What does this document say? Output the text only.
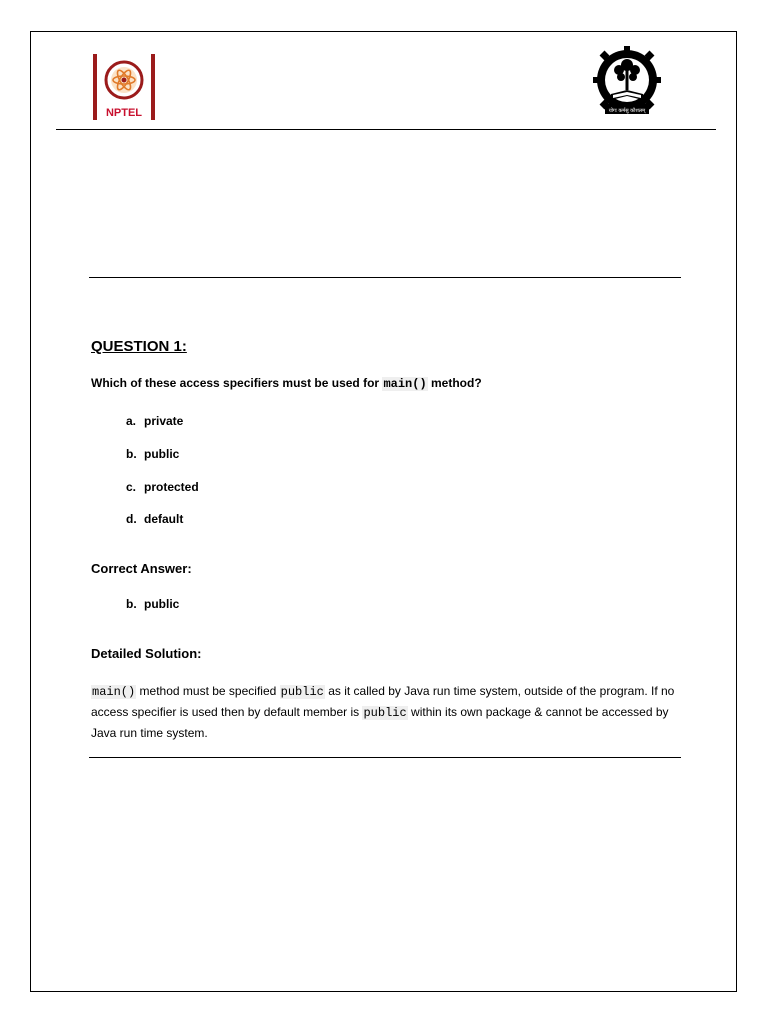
NPTEL	योगः कर्मसु कौशलम्
QUESTION 1:

Which of these access specifiers must be used for main() method?

a. private

b. public

c. protected

d. default

Correct Answer:

b. public

Detailed Solution:

main() method must be specified public as it called by Java run time system, outside of the program. If no access specifier is used then by default member is public within its own package & cannot be accessed by Java run time system.
